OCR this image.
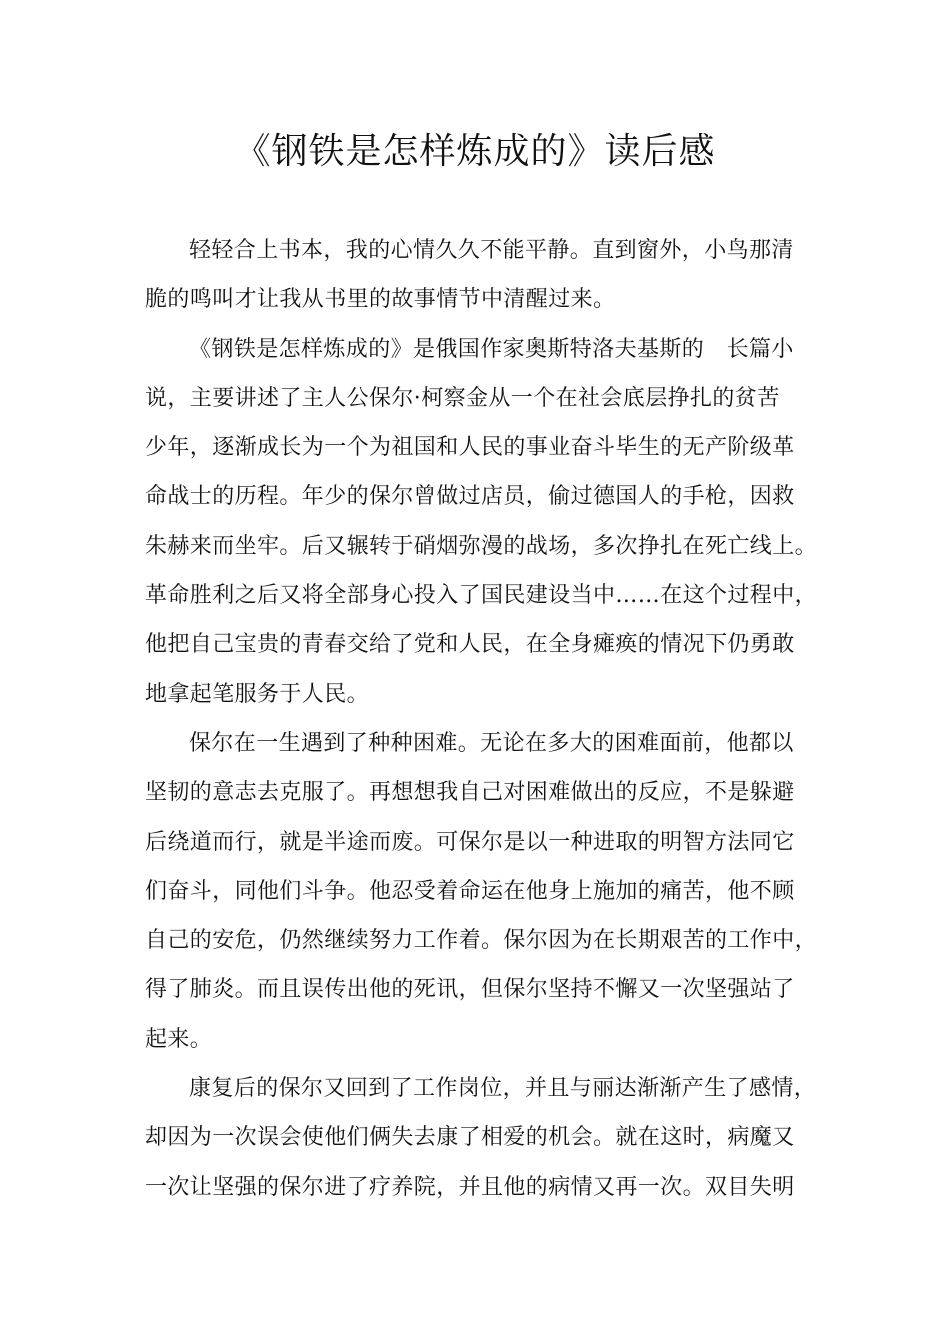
《钢铁是怎样炼成的》读后感
轻轻合上书本，我的心情久久不能平静。直到窗外，小鸟那清
脆的鸣叫才让我从书里的故事情节中清醒过来。
《钢铁是怎样炼成的》是俄国作家奥斯特洛夫基斯的　长篇小
说，主要讲述了主人公保尔·柯察金从一个在社会底层挣扎的贫苦
少年，逐渐成长为一个为祖国和人民的事业奋斗毕生的无产阶级革
命战士的历程。年少的保尔曾做过店员，偷过德国人的手枪，因救
朱赫来而坐牢。后又辗转于硝烟弥漫的战场，多次挣扎在死亡线上。
革命胜利之后又将全部身心投入了国民建设当中……在这个过程中，
他把自己宝贵的青春交给了党和人民，在全身瘫痪的情况下仍勇敢
地拿起笔服务于人民。
保尔在一生遇到了种种困难。无论在多大的困难面前，他都以
坚韧的意志去克服了。再想想我自己对困难做出的反应，不是躲避
后绕道而行，就是半途而废。可保尔是以一种进取的明智方法同它
们奋斗，同他们斗争。他忍受着命运在他身上施加的痛苦，他不顾
自己的安危，仍然继续努力工作着。保尔因为在长期艰苦的工作中，
得了肺炎。而且误传出他的死讯，但保尔坚持不懈又一次坚强站了
起来。
康复后的保尔又回到了工作岗位，并且与丽达渐渐产生了感情，
却因为一次误会使他们俩失去康了相爱的机会。就在这时，病魔又
一次让坚强的保尔进了疗养院，并且他的病情又再一次。双目失明
